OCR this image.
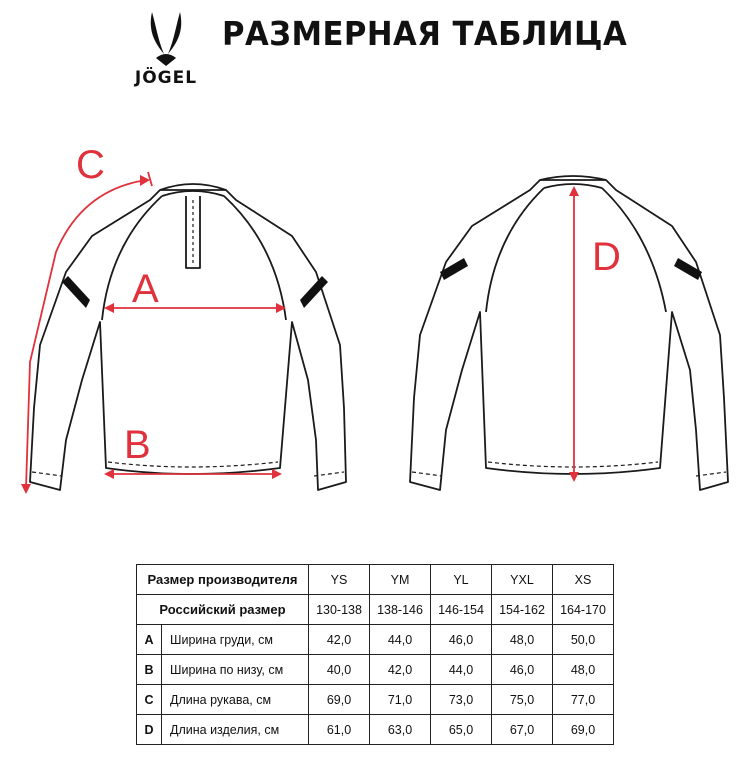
JÖGEL
РАЗМЕРНАЯ ТАБЛИЦА
A
B
C
D
Размер производителя		YS	YM	YL	YXL	XS
Российский размер		130-138	138-146	146-154	154-162	164-170
A	Ширина груди, см	42,0	44,0	46,0	48,0	50,0
B	Ширина по низу, см	40,0	42,0	44,0	46,0	48,0
C	Длина рукава, см	69,0	71,0	73,0	75,0	77,0
D	Длина изделия, см	61,0	63,0	65,0	67,0	69,0
